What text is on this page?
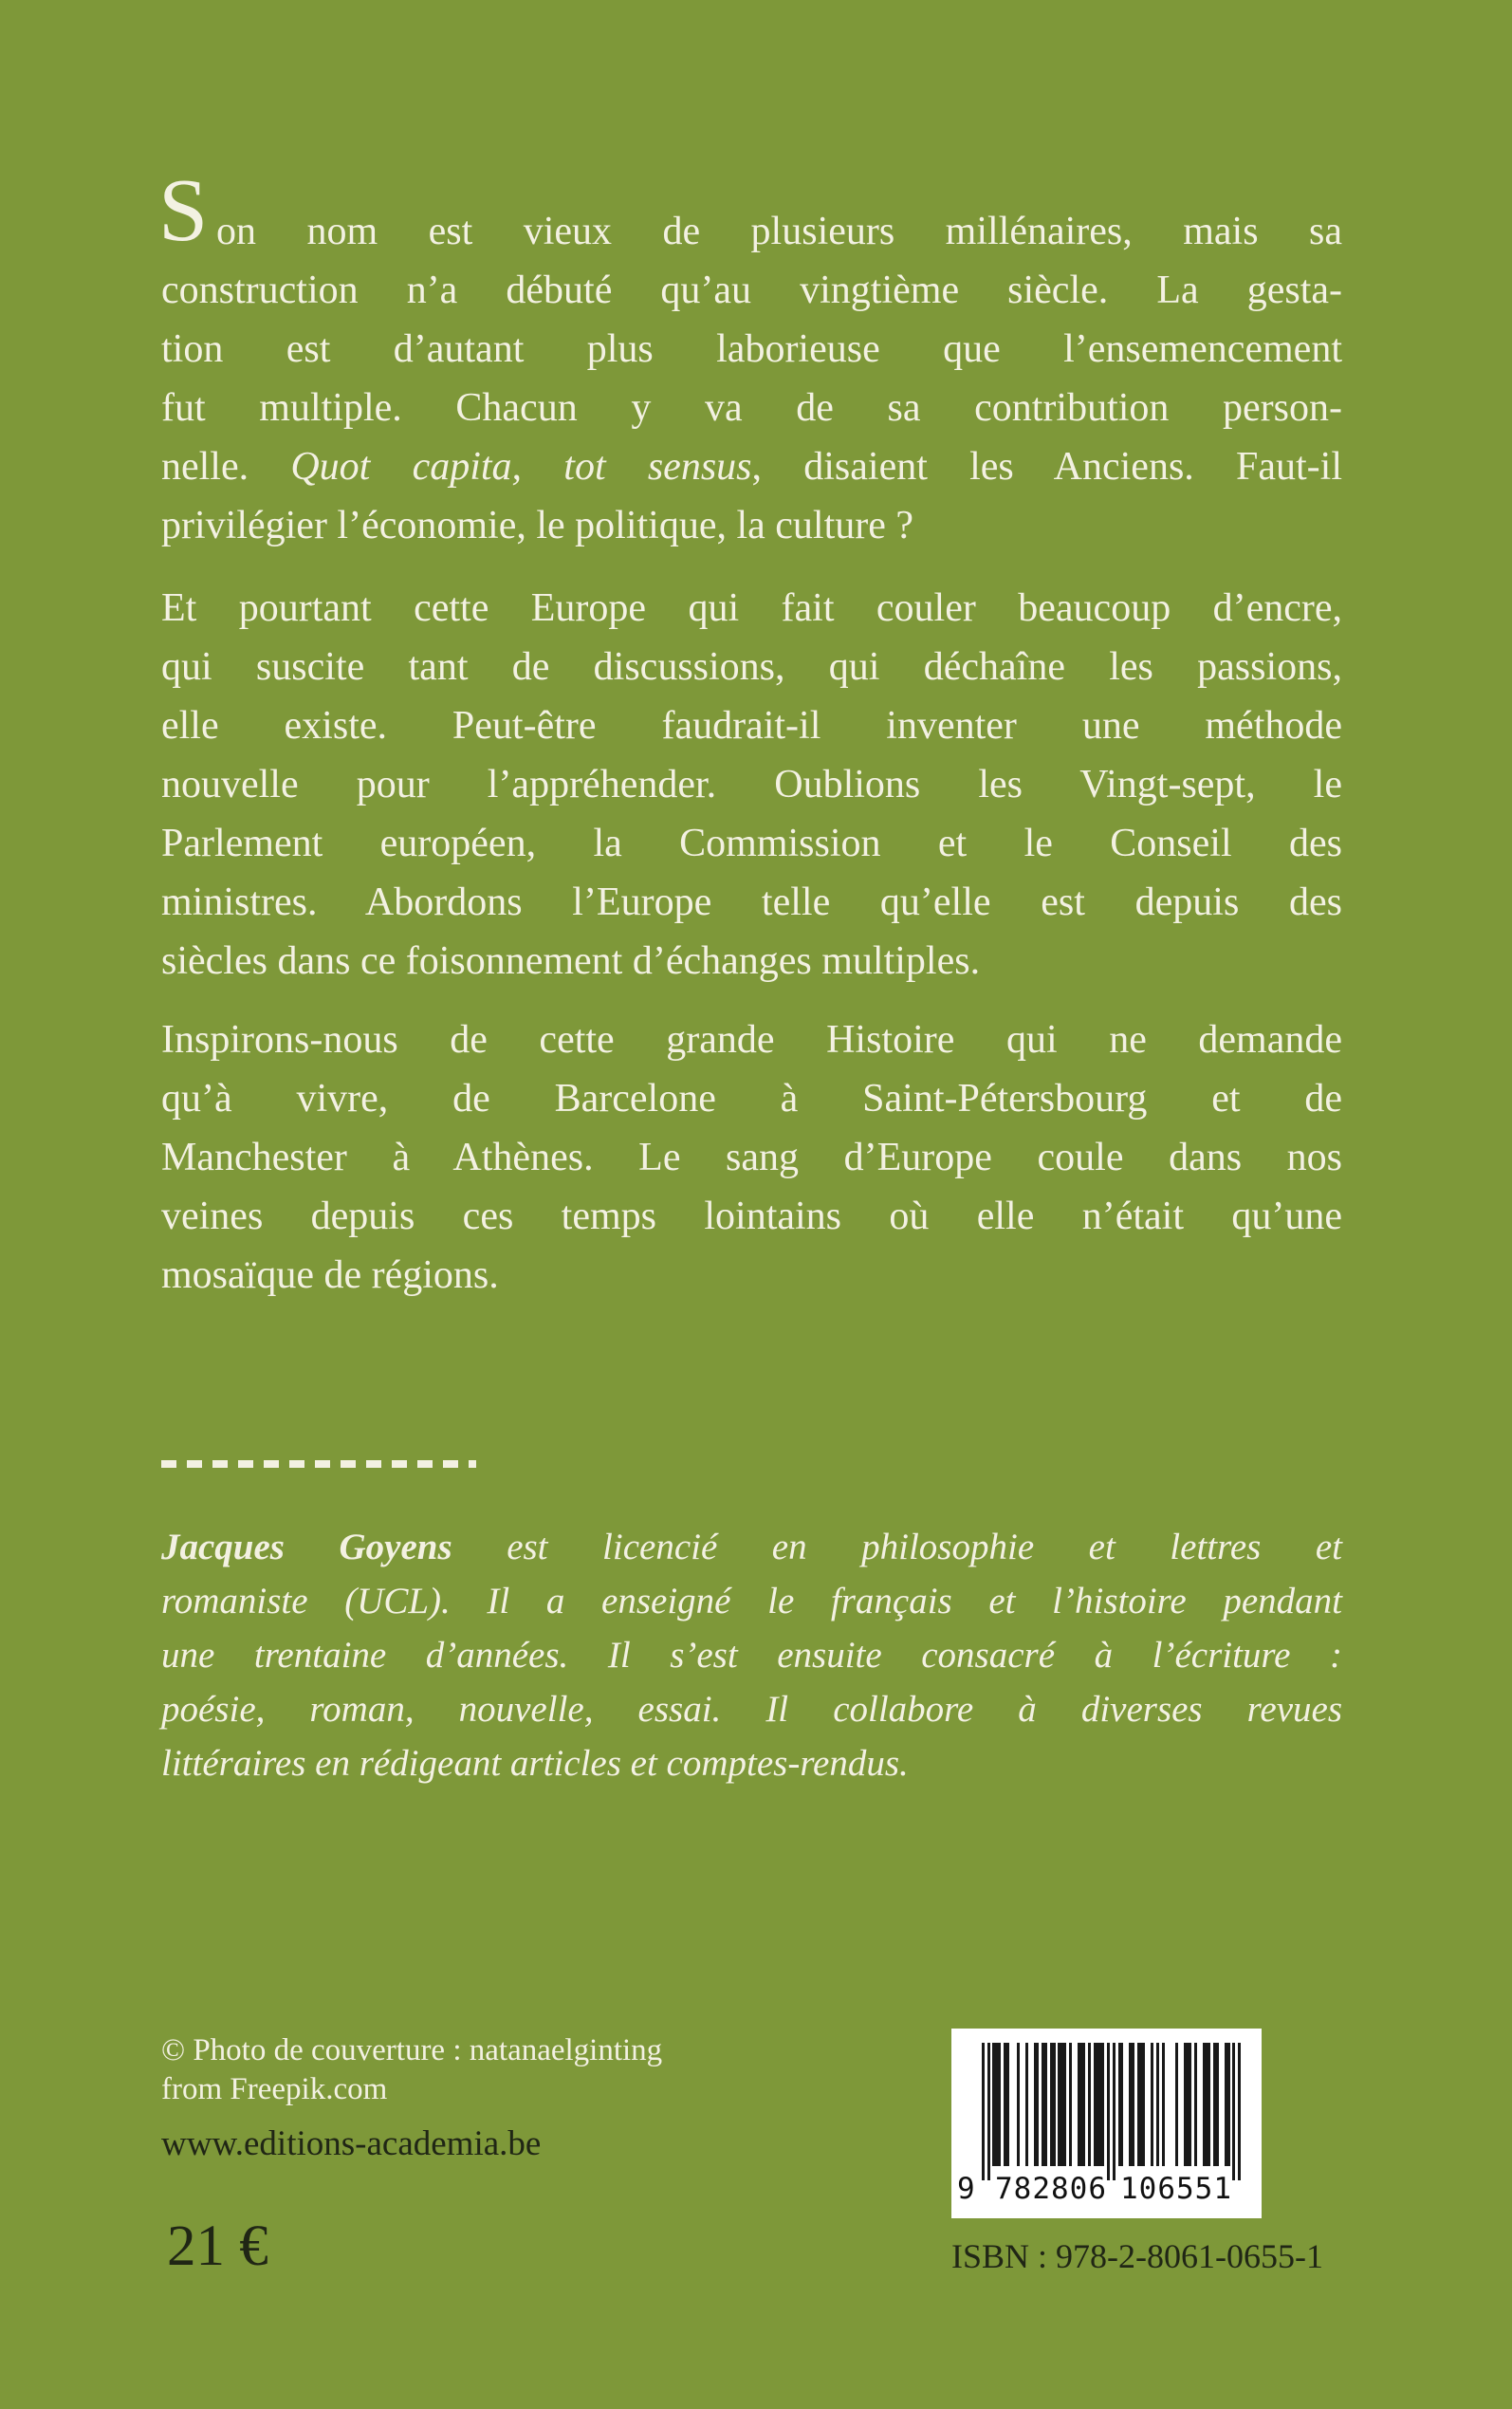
S on nom est vieux de plusieurs millénaires, mais sa
construction n’a débuté qu’au vingtième siècle. La gesta-
tion est d’autant plus laborieuse que l’ensemencement
fut multiple. Chacun y va de sa contribution person-
nelle. Quot capita, tot sensus, disaient les Anciens. Faut-il
privilégier l’économie, le politique, la culture ?
Et pourtant cette Europe qui fait couler beaucoup d’encre,
qui suscite tant de discussions, qui déchaîne les passions,
elle existe. Peut-être faudrait-il inventer une méthode
nouvelle pour l’appréhender. Oublions les Vingt-sept, le
Parlement européen, la Commission et le Conseil des
ministres. Abordons l’Europe telle qu’elle est depuis des
siècles dans ce foisonnement d’échanges multiples.
Inspirons-nous de cette grande Histoire qui ne demande
qu’à vivre, de Barcelone à Saint-Pétersbourg et de
Manchester à Athènes. Le sang d’Europe coule dans nos
veines depuis ces temps lointains où elle n’était qu’une
mosaïque de régions.
Jacques Goyens est licencié en philosophie et lettres et
romaniste (UCL). Il a enseigné le français et l’histoire pendant
une trentaine d’années. Il s’est ensuite consacré à l’écriture :
poésie, roman, nouvelle, essai. Il collabore à diverses revues
littéraires en rédigeant articles et comptes-rendus.
© Photo de couverture : natanaelginting
from Freepik.com
www.editions-academia.be
21 €
9 782806 106551
ISBN : 978-2-8061-0655-1
